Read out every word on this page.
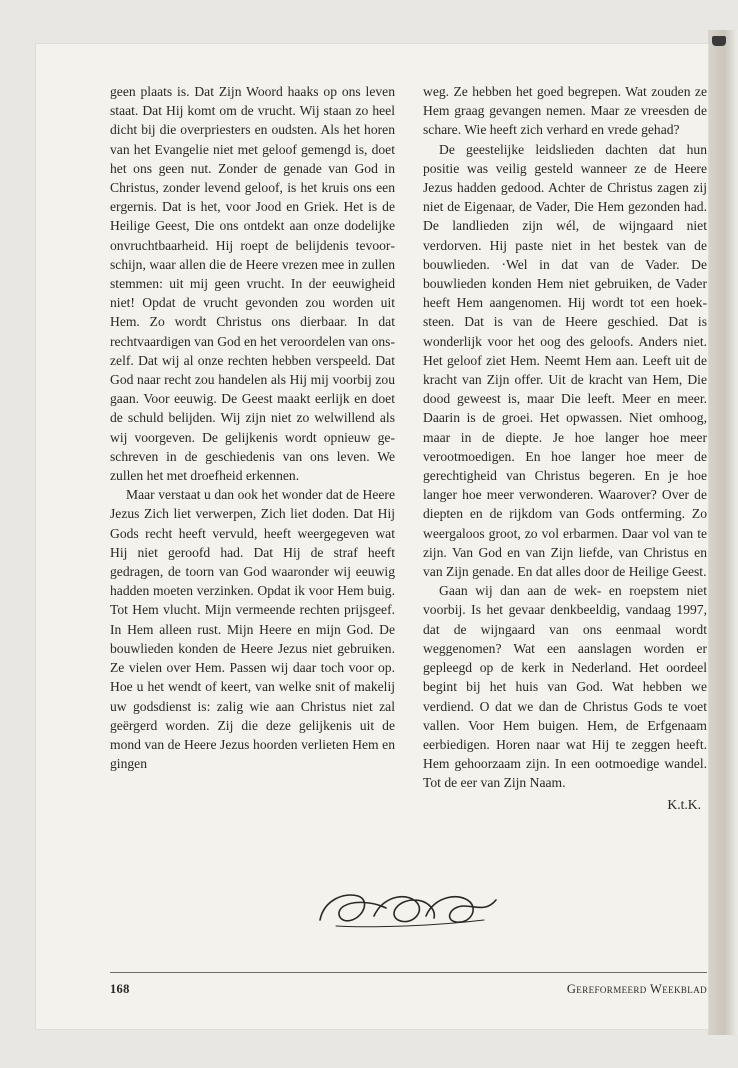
geen plaats is. Dat Zijn Woord haaks op ons leven staat. Dat Hij komt om de vrucht. Wij staan zo heel dicht bij die overpriesters en oudsten. Als het horen van het Evangelie niet met geloof gemengd is, doet het ons geen nut. Zonder de genade van God in Christus, zonder levend geloof, is het kruis ons een ergernis. Dat is het, voor Jood en Griek. Het is de Heilige Geest, Die ons ontdekt aan onze dodelijke onvruchtbaarheid. Hij roept de belijdenis tevoorschijn, waar allen die de Heere vrezen mee in zullen stemmen: uit mij geen vrucht. In der eeuwigheid niet! Opdat de vrucht gevonden zou worden uit Hem. Zo wordt Christus ons dierbaar. In dat rechtvaardigen van God en het veroordelen van onszelf. Dat wij al onze rechten hebben verspeeld. Dat God naar recht zou handelen als Hij mij voorbij zou gaan. Voor eeuwig. De Geest maakt eerlijk en doet de schuld belijden. Wij zijn niet zo welwillend als wij voorgeven. De gelijkenis wordt opnieuw geschreven in de geschiedenis van ons leven. We zullen het met droefheid erkennen.

Maar verstaat u dan ook het wonder dat de Heere Jezus Zich liet verwerpen, Zich liet doden. Dat Hij Gods recht heeft vervuld, heeft weergegeven wat Hij niet geroofd had. Dat Hij de straf heeft gedragen, de toorn van God waaronder wij eeuwig hadden moeten verzinken. Opdat ik voor Hem buig. Tot Hem vlucht. Mijn vermeende rechten prijsgeef. In Hem alleen rust. Mijn Heere en mijn God. De bouwlieden konden de Heere Jezus niet gebruiken. Ze vielen over Hem. Passen wij daar toch voor op. Hoe u het wendt of keert, van welke snit of makelij uw godsdienst is: zalig wie aan Christus niet zal geërgerd worden. Zij die deze gelijkenis uit de mond van de Heere Jezus hoorden verlieten Hem en gingen

weg. Ze hebben het goed begrepen. Wat zouden ze Hem graag gevangen nemen. Maar ze vreesden de schare. Wie heeft zich verhard en vrede gehad?

De geestelijke leidslieden dachten dat hun positie was veilig gesteld wanneer ze de Heere Jezus hadden gedood. Achter de Christus zagen zij niet de Eigenaar, de Vader, Die Hem gezonden had. De landlieden zijn wél, de wijngaard niet verdorven. Hij paste niet in het bestek van de bouwlieden. ·Wel in dat van de Vader. De bouwlieden konden Hem niet gebruiken, de Vader heeft Hem aangenomen. Hij wordt tot een hoeksteen. Dat is van de Heere geschied. Dat is wonderlijk voor het oog des geloofs. Anders niet. Het geloof ziet Hem. Neemt Hem aan. Leeft uit de kracht van Zijn offer. Uit de kracht van Hem, Die dood geweest is, maar Die leeft. Meer en meer. Daarin is de groei. Het opwassen. Niet omhoog, maar in de diepte. Je hoe langer hoe meer verootmoedigen. En hoe langer hoe meer de gerechtigheid van Christus begeren. En je hoe langer hoe meer verwonderen. Waarover? Over de diepten en de rijkdom van Gods ontferming. Zo weergaloos groot, zo vol erbarmen. Daar vol van te zijn. Van God en van Zijn liefde, van Christus en van Zijn genade. En dat alles door de Heilige Geest.

Gaan wij dan aan de wek- en roepstem niet voorbij. Is het gevaar denkbeeldig, vandaag 1997, dat de wijngaard van ons eenmaal wordt weggenomen? Wat een aanslagen worden er gepleegd op de kerk in Nederland. Het oordeel begint bij het huis van God. Wat hebben we verdiend. O dat we dan de Christus Gods te voet vallen. Voor Hem buigen. Hem, de Erfgenaam eerbiedigen. Horen naar wat Hij te zeggen heeft. Hem gehoorzaam zijn. In een ootmoedige wandel. Tot de eer van Zijn Naam.

K.t.K.

168	Gereformeerd Weekblad
